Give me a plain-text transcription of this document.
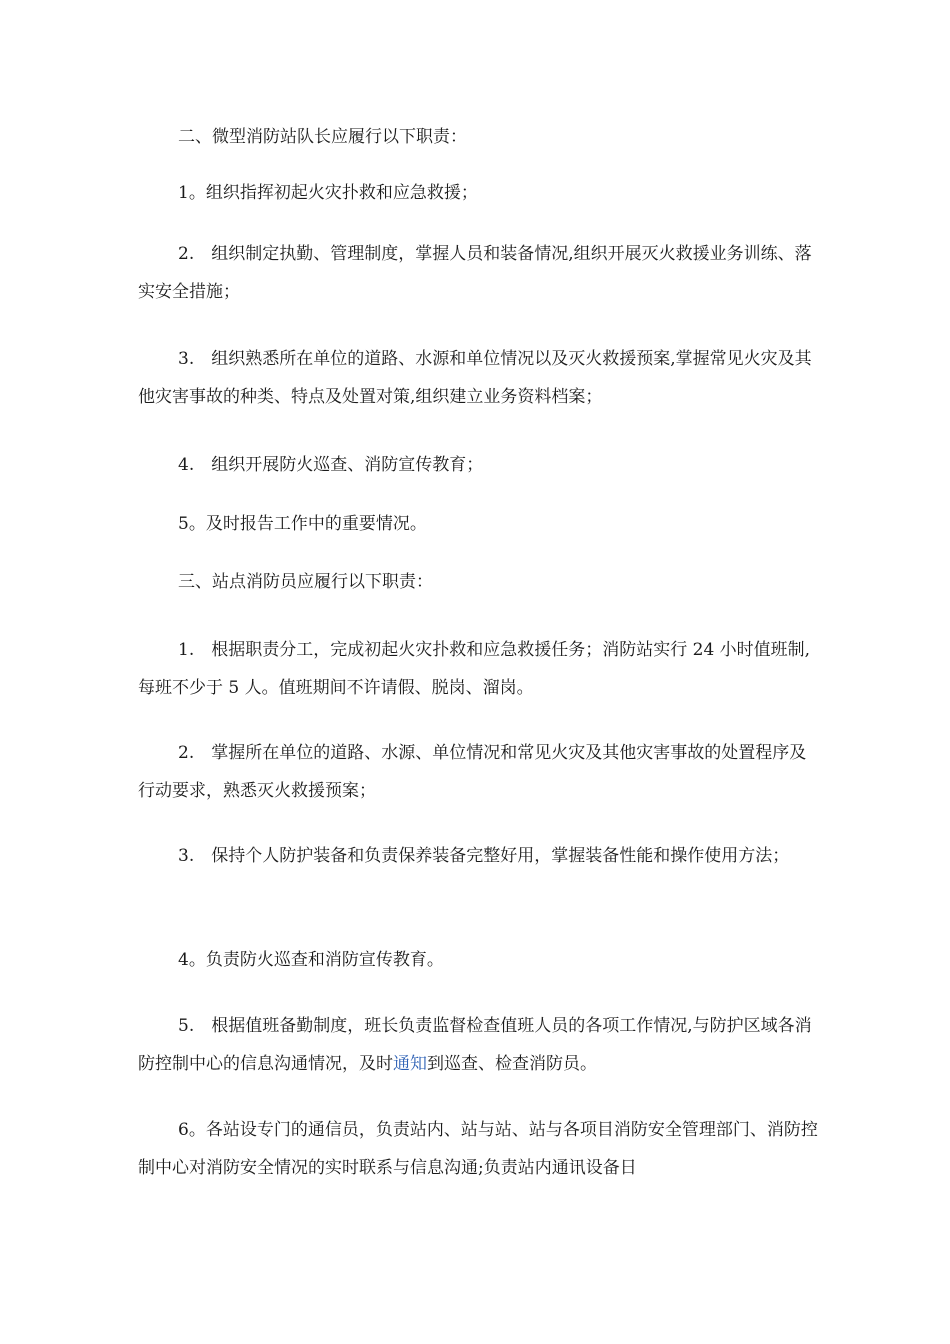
二、微型消防站队长应履行以下职责：

1。组织指挥初起火灾扑救和应急救援；

2.　组织制定执勤、管理制度，掌握人员和装备情况,组织开展灭火救援业务训练、落实安全措施；

3.　组织熟悉所在单位的道路、水源和单位情况以及灭火救援预案,掌握常见火灾及其他灾害事故的种类、特点及处置对策,组织建立业务资料档案；

4.　组织开展防火巡查、消防宣传教育；

5。及时报告工作中的重要情况。

三、站点消防员应履行以下职责：

1.　根据职责分工，完成初起火灾扑救和应急救援任务；消防站实行 24 小时值班制,每班不少于 5 人。值班期间不许请假、脱岗、溜岗。

2.　掌握所在单位的道路、水源、单位情况和常见火灾及其他灾害事故的处置程序及行动要求，熟悉灭火救援预案；

3.　保持个人防护装备和负责保养装备完整好用，掌握装备性能和操作使用方法；

4。负责防火巡查和消防宣传教育。

5.　根据值班备勤制度，班长负责监督检查值班人员的各项工作情况,与防护区域各消防控制中心的信息沟通情况，及时通知到巡查、检查消防员。

6。各站设专门的通信员，负责站内、站与站、站与各项目消防安全管理部门、消防控制中心对消防安全情况的实时联系与信息沟通;负责站内通讯设备日
